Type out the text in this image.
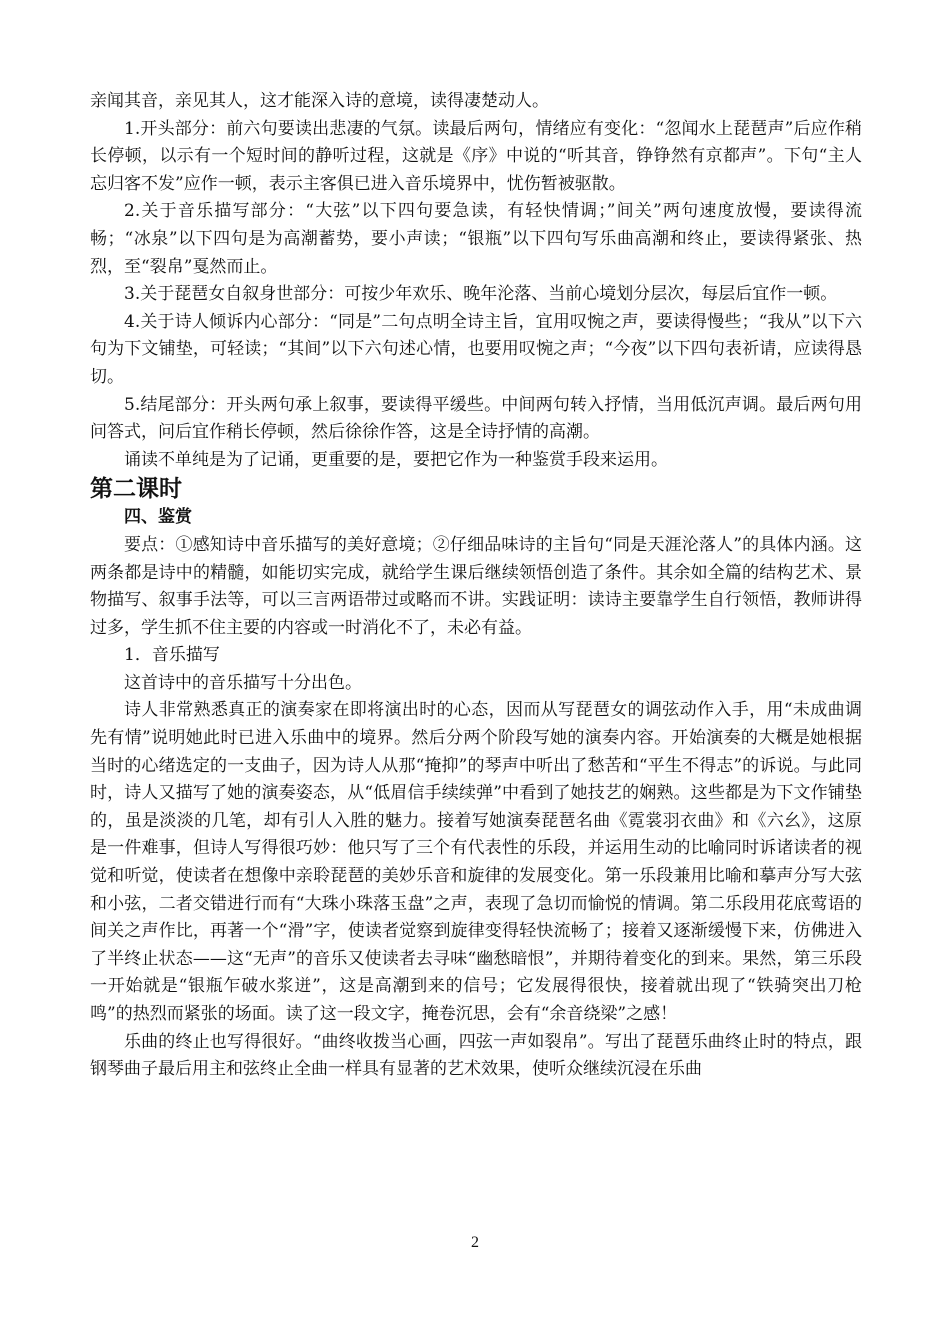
亲闻其音，亲见其人，这才能深入诗的意境，读得凄楚动人。

1.开头部分：前六句要读出悲凄的气氛。读最后两句，情绪应有变化：“忽闻水上琵琶声”后应作稍长停顿，以示有一个短时间的静听过程，这就是《序》中说的“听其音，铮铮然有京都声”。下句“主人忘归客不发”应作一顿，表示主客俱已进入音乐境界中，忧伤暂被驱散。

2.关于音乐描写部分：“大弦”以下四句要急读，有轻快情调；”间关”两句速度放慢，要读得流畅；“冰泉”以下四句是为高潮蓄势，要小声读；“银瓶”以下四句写乐曲高潮和终止，要读得紧张、热烈，至“裂帛”戛然而止。

3.关于琵琶女自叙身世部分：可按少年欢乐、晚年沦落、当前心境划分层次，每层后宜作一顿。

4.关于诗人倾诉内心部分：“同是”二句点明全诗主旨，宜用叹惋之声，要读得慢些；“我从”以下六句为下文铺垫，可轻读；“其间”以下六句述心情，也要用叹惋之声；“今夜”以下四句表祈请，应读得恳切。

5.结尾部分：开头两句承上叙事，要读得平缓些。中间两句转入抒情，当用低沉声调。最后两句用问答式，问后宜作稍长停顿，然后徐徐作答，这是全诗抒情的高潮。

诵读不单纯是为了记诵，更重要的是，要把它作为一种鉴赏手段来运用。

第二课时

四、鉴赏

要点：①感知诗中音乐描写的美好意境；②仔细品味诗的主旨句“同是天涯沦落人”的具体内涵。这两条都是诗中的精髓，如能切实完成，就给学生课后继续领悟创造了条件。其余如全篇的结构艺术、景物描写、叙事手法等，可以三言两语带过或略而不讲。实践证明：读诗主要靠学生自行领悟，教师讲得过多，学生抓不住主要的内容或一时消化不了，未必有益。

1．音乐描写

这首诗中的音乐描写十分出色。

诗人非常熟悉真正的演奏家在即将演出时的心态，因而从写琵琶女的调弦动作入手，用“未成曲调先有情”说明她此时已进入乐曲中的境界。然后分两个阶段写她的演奏内容。开始演奏的大概是她根据当时的心绪选定的一支曲子，因为诗人从那“掩抑”的琴声中听出了愁苦和“平生不得志”的诉说。与此同时，诗人又描写了她的演奏姿态，从“低眉信手续续弹”中看到了她技艺的娴熟。这些都是为下文作铺垫的，虽是淡淡的几笔，却有引人入胜的魅力。接着写她演奏琵琶名曲《霓裳羽衣曲》和《六幺》，这原是一件难事，但诗人写得很巧妙：他只写了三个有代表性的乐段，并运用生动的比喻同时诉诸读者的视觉和听觉，使读者在想像中亲聆琵琶的美妙乐音和旋律的发展变化。第一乐段兼用比喻和摹声分写大弦和小弦，二者交错进行而有“大珠小珠落玉盘”之声，表现了急切而愉悦的情调。第二乐段用花底莺语的间关之声作比，再著一个“滑”字，使读者觉察到旋律变得轻快流畅了；接着又逐渐缓慢下来，仿佛进入了半终止状态——这“无声”的音乐又使读者去寻味“幽愁暗恨”，并期待着变化的到来。果然，第三乐段一开始就是“银瓶乍破水浆迸”，这是高潮到来的信号；它发展得很快，接着就出现了“铁骑突出刀枪鸣”的热烈而紧张的场面。读了这一段文字，掩卷沉思，会有“余音绕梁”之感！

乐曲的终止也写得很好。“曲终收拨当心画，四弦一声如裂帛”。写出了琵琶乐曲终止时的特点，跟钢琴曲子最后用主和弦终止全曲一样具有显著的艺术效果，使听众继续沉浸在乐曲

2
